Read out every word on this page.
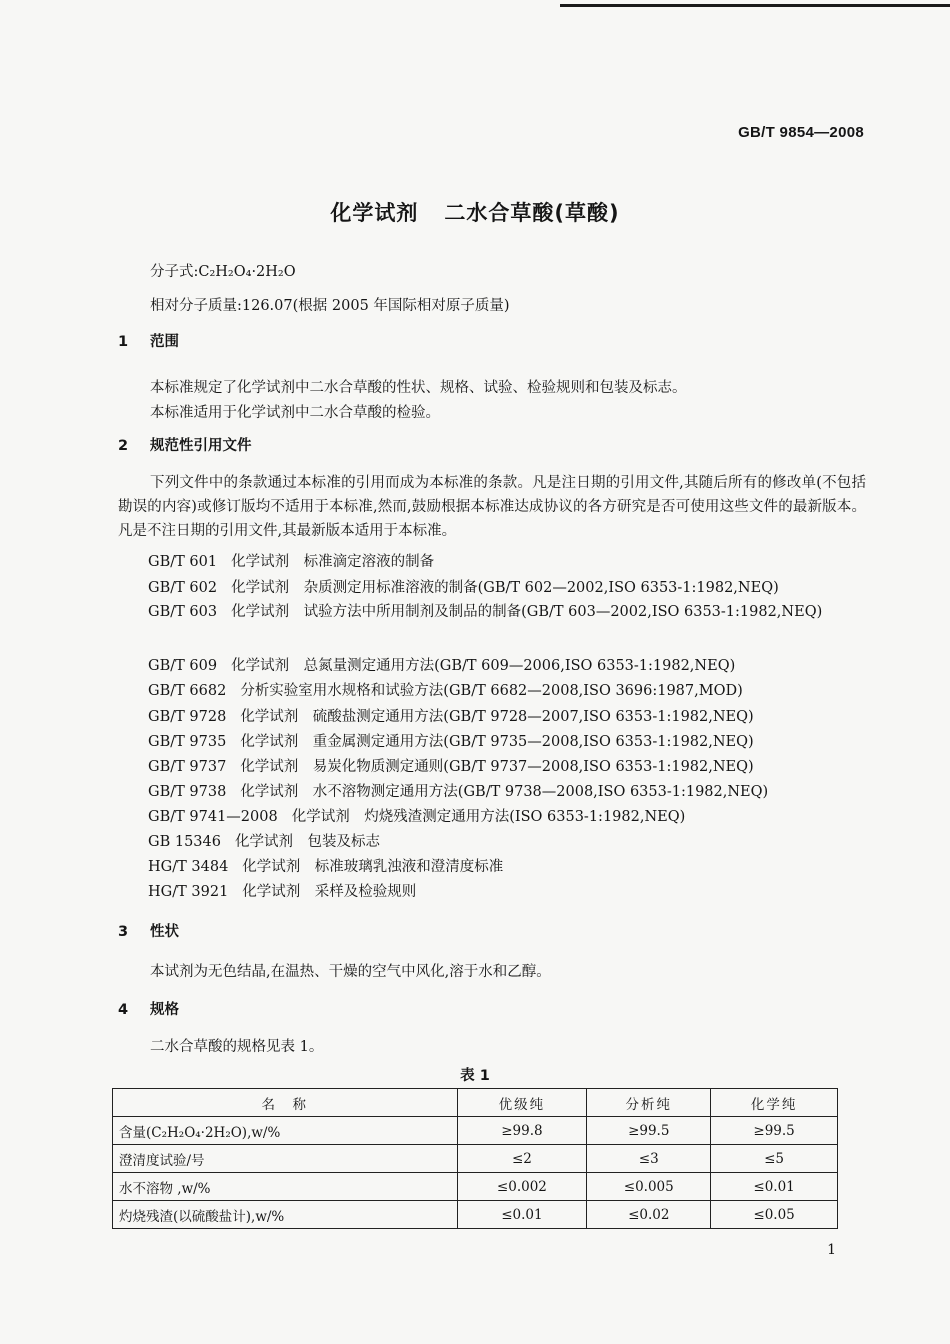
GB/T 9854—2008
化学试剂 二水合草酸(草酸)
分子式:C₂H₂O₄·2H₂O
相对分子质量:126.07(根据 2005 年国际相对原子质量)
1 范围
本标准规定了化学试剂中二水合草酸的性状、规格、试验、检验规则和包装及标志。
本标准适用于化学试剂中二水合草酸的检验。
2 规范性引用文件
下列文件中的条款通过本标准的引用而成为本标准的条款。凡是注日期的引用文件,其随后所有的修改单(不包括勘误的内容)或修订版均不适用于本标准,然而,鼓励根据本标准达成协议的各方研究是否可使用这些文件的最新版本。凡是不注日期的引用文件,其最新版本适用于本标准。
GB/T 601 化学试剂　标准滴定溶液的制备
GB/T 602 化学试剂　杂质测定用标准溶液的制备(GB/T 602—2002,ISO 6353-1:1982,NEQ)
GB/T 603 化学试剂　试验方法中所用制剂及制品的制备(GB/T 603—2002,ISO 6353-1:1982,NEQ)
GB/T 609 化学试剂　总氮量测定通用方法(GB/T 609—2006,ISO 6353-1:1982,NEQ)
GB/T 6682 分析实验室用水规格和试验方法(GB/T 6682—2008,ISO 3696:1987,MOD)
GB/T 9728 化学试剂　硫酸盐测定通用方法(GB/T 9728—2007,ISO 6353-1:1982,NEQ)
GB/T 9735 化学试剂　重金属测定通用方法(GB/T 9735—2008,ISO 6353-1:1982,NEQ)
GB/T 9737 化学试剂　易炭化物质测定通则(GB/T 9737—2008,ISO 6353-1:1982,NEQ)
GB/T 9738 化学试剂　水不溶物测定通用方法(GB/T 9738—2008,ISO 6353-1:1982,NEQ)
GB/T 9741—2008 化学试剂　灼烧残渣测定通用方法(ISO 6353-1:1982,NEQ)
GB 15346 化学试剂　包装及标志
HG/T 3484 化学试剂　标准玻璃乳浊液和澄清度标准
HG/T 3921 化学试剂　采样及检验规则
3 性状
本试剂为无色结晶,在温热、干燥的空气中风化,溶于水和乙醇。
4 规格
二水合草酸的规格见表 1。
表 1
名　称	优级纯	分析纯	化学纯
含量(C₂H₂O₄·2H₂O),w/%	≥99.8	≥99.5	≥99.5
澄清度试验/号	≤2	≤3	≤5
水不溶物 ,w/%	≤0.002	≤0.005	≤0.01
灼烧残渣(以硫酸盐计),w/%	≤0.01	≤0.02	≤0.05
1
